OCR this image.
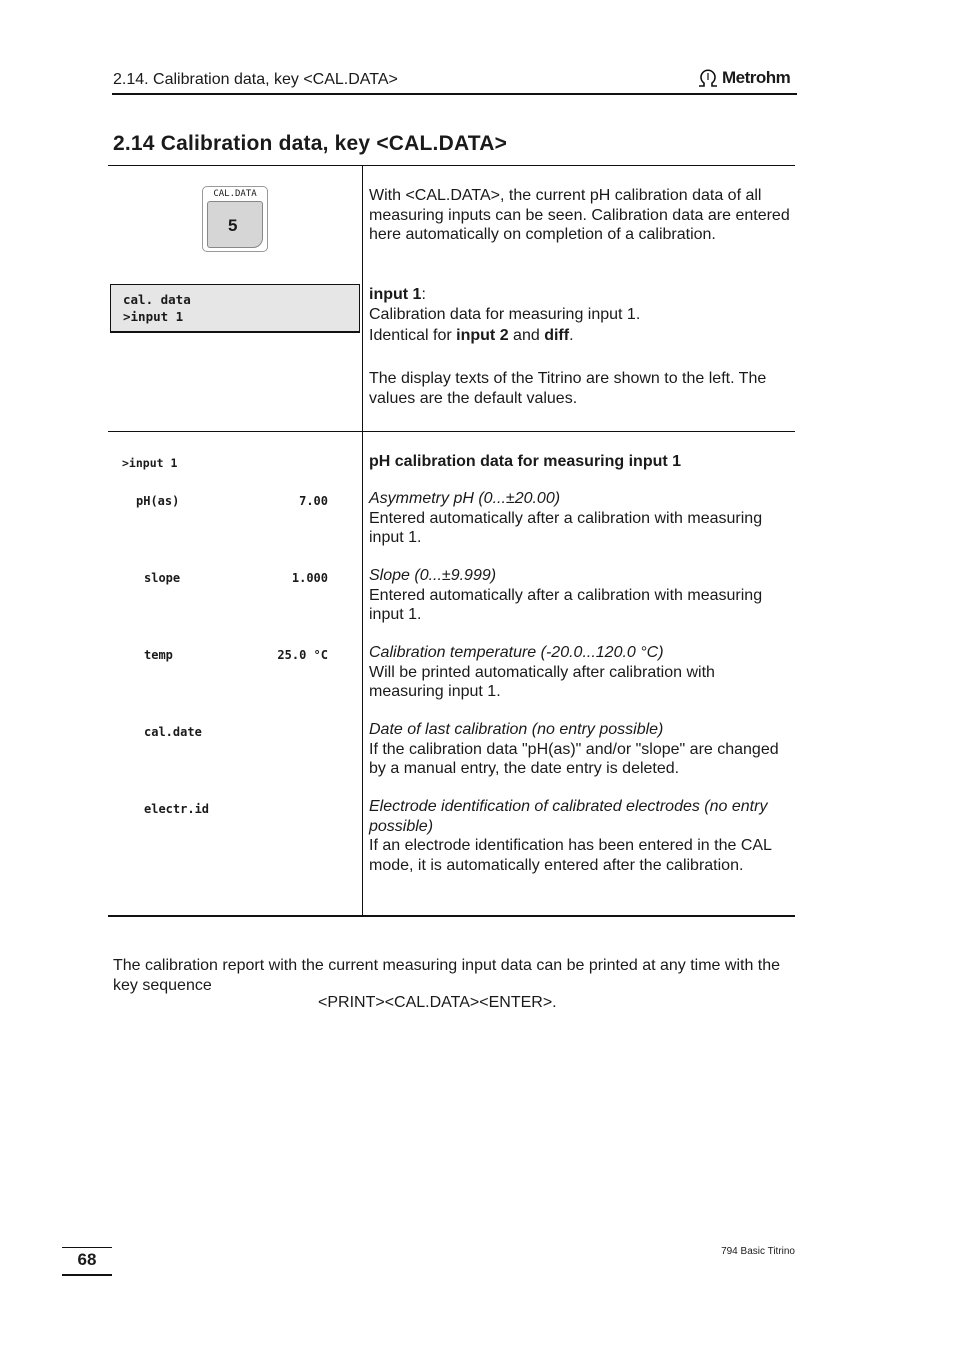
2.14. Calibration data, key <CAL.DATA>	Metrohm
2.14 Calibration data, key <CAL.DATA>
CAL.DATA
5
cal. data
>input 1
With <CAL.DATA>, the current pH calibration data of all measuring inputs can be seen. Calibration data are entered here automatically on completion of a calibration.
input 1:
Calibration data for measuring input 1.
Identical for input 2 and diff.
The display texts of the Titrino are shown to the left. The values are the default values.
>input 1	pH calibration data for measuring input 1
pH(as)	7.00	Asymmetry pH (0...±20.00)
Entered automatically after a calibration with measuring input 1.
slope	1.000	Slope (0...±9.999)
Entered automatically after a calibration with measuring input 1.
temp	25.0 °C	Calibration temperature (-20.0...120.0 °C)
Will be printed automatically after calibration with measuring input 1.
cal.date	Date of last calibration (no entry possible)
If the calibration data "pH(as)" and/or "slope" are changed by a manual entry, the date entry is deleted.
electr.id	Electrode identification of calibrated electrodes (no entry possible)
If an electrode identification has been entered in the CAL mode, it is automatically entered after the calibration.
The calibration report with the current measuring input data can be printed at any time with the key sequence
<PRINT><CAL.DATA><ENTER>.
68	794 Basic Titrino
